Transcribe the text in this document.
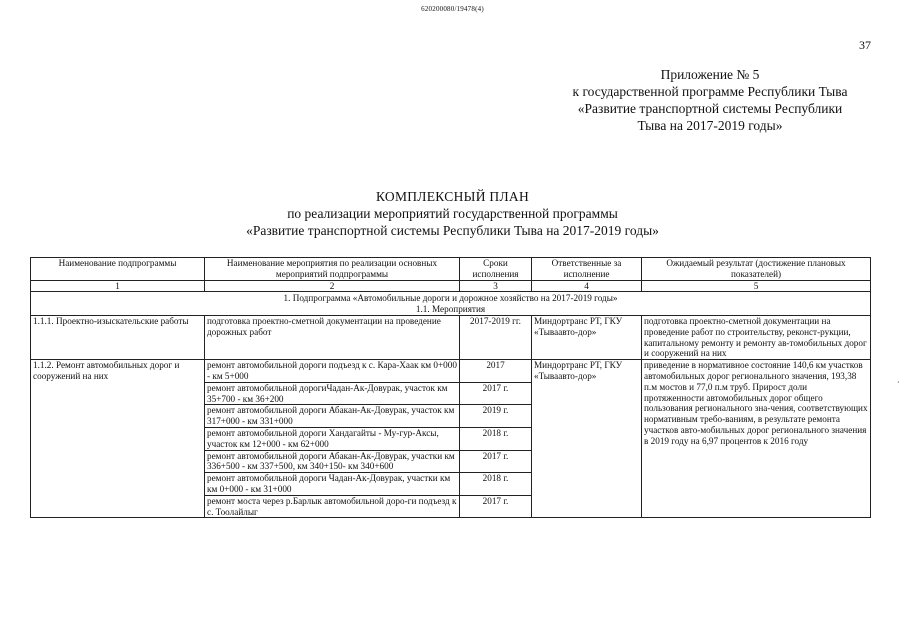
620200080/19478(4)
37
Приложение № 5
к государственной программе Республики Тыва
«Развитие транспортной системы Республики
Тыва на 2017-2019 годы»
КОМПЛЕКСНЫЙ ПЛАН
по реализации мероприятий государственной программы
«Развитие транспортной системы Республики Тыва на 2017-2019 годы»
Наименование подпрограммы	Наименование мероприятия по реализации основных мероприятий подпрограммы	Сроки исполнения	Ответственные за исполнение	Ожидаемый результат (достижение плановых показателей)
1	2	3	4	5
1. Подпрограмма «Автомобильные дороги и дорожное хозяйство на 2017-2019 годы»				
1.1. Мероприятия				
1.1.1. Проектно-изыскательские работы	подготовка проектно-сметной документации на проведение дорожных работ	2017-2019 гг.	Миндортранс РТ, ГКУ «Тываавто-дор»	подготовка проектно-сметной документации на проведение работ по строительству, реконст-рукции, капитальному ремонту и ремонту ав-томобильных дорог и сооружений на них
1.1.2. Ремонт автомобильных дорог и сооружений на них	ремонт автомобильной дороги подъезд к с. Кара-Хаак км 0+000 - км 5+000	2017	Миндортранс РТ, ГКУ «Тываавто-дор»	приведение в нормативное состояние 140,6 км участков автомобильных дорог регионального значения, 193,38 п.м мостов и 77,0 п.м труб. Прирост доли протяженности автомобильных дорог общего пользования регионального зна-чения, соответствующих нормативным требо-ваниям, в результате ремонта участков авто-мобильных дорог регионального значения в 2019 году на 6,97 процентов к 2016 году
	ремонт автомобильной дорогиЧадан-Ак-Довурак, участок км 35+700 - км 36+200	2017 г.		
	ремонт автомобильной дороги Абакан-Ак-Довурак, участок км 317+000 - км 331+000	2019 г.		
	ремонт автомобильной дороги Хандагайты - Му-гур-Аксы, участок км 12+000 - км 62+000	2018 г.		
	ремонт автомобильной дороги Абакан-Ак-Довурак, участки км 336+500 - км 337+500, км 340+150- км 340+600	2017 г.		
	ремонт автомобильной дороги Чадан-Ак-Довурак, участки км км 0+000 - км 31+000	2018 г.		
	ремонт моста через р.Барлык автомобильной доро-ги подъезд к с. Тоолайлыг	2017 г.		
·
